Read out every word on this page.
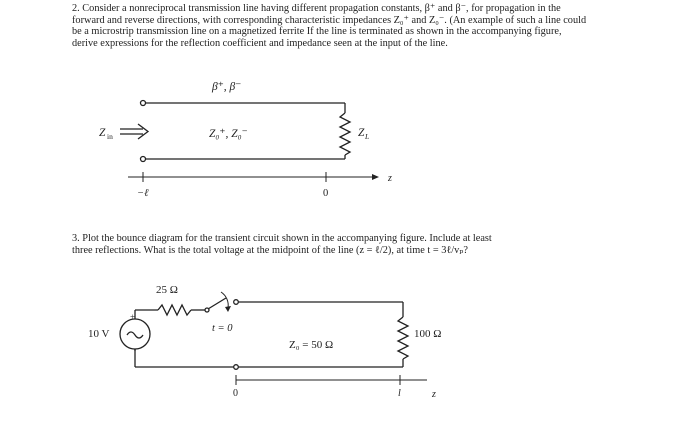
2. Consider a nonreciprocal transmission line having different propagation constants, β⁺ and β⁻, for propagation in the
forward and reverse directions, with corresponding characteristic impedances Z₀⁺ and Z₀⁻. (An example of such a line could
be a microstrip transmission line on a magnetized ferrite If the line is terminated as shown in the accompanying figure,
derive expressions for the reflection coefficient and impedance seen at the input of the line.
3. Plot the bounce diagram for the transient circuit shown in the accompanying figure. Include at least
three reflections. What is the total voltage at the midpoint of the line (z = ℓ/2), at time t = 3ℓ/vₚ?
β⁺, β⁻
Z in	Z₀⁺, Z₀⁻	Z L
−ℓ	0
z
25 Ω
+
10 V	t = 0
Z₀ = 50 Ω
100 Ω
0	l	z
